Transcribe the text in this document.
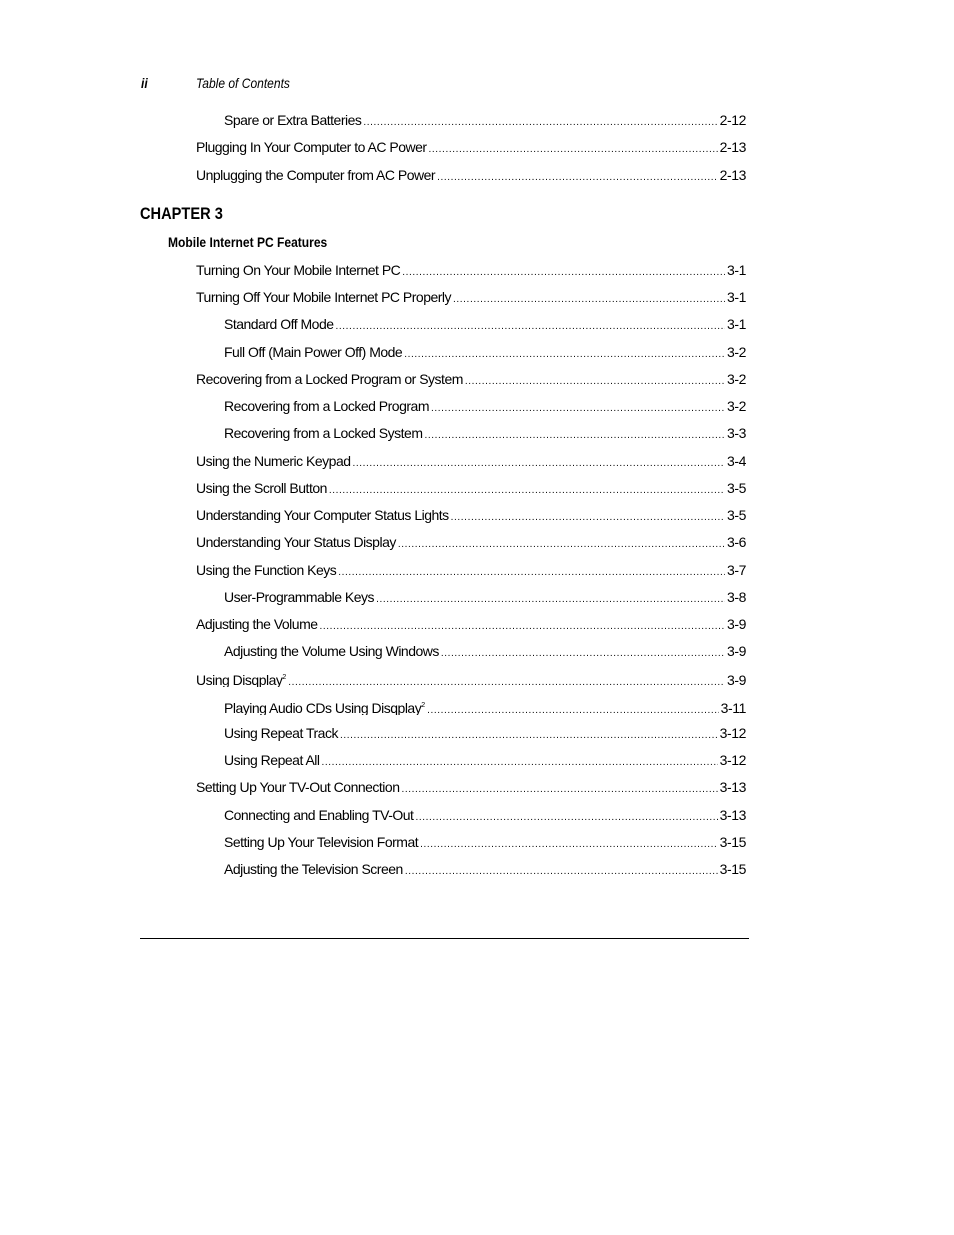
ii	Table of Contents
Spare or Extra Batteries .....	2-12
Plugging In Your Computer to AC Power .....	2-13
Unplugging the Computer from AC Power .....	2-13
CHAPTER 3
Mobile Internet PC Features
Turning On Your Mobile Internet PC .....	3-1
Turning Off Your Mobile Internet PC Properly .....	3-1
Standard Off Mode .....	3-1
Full Off (Main Power Off) Mode .....	3-2
Recovering from a Locked Program or System .....	3-2
Recovering from a Locked Program .....	3-2
Recovering from a Locked System .....	3-3
Using the Numeric Keypad .....	3-4
Using the Scroll Button .....	3-5
Understanding Your Computer Status Lights .....	3-5
Understanding Your Status Display .....	3-6
Using the Function Keys .....	3-7
User-Programmable Keys .....	3-8
Adjusting the Volume .....	3-9
Adjusting the Volume Using Windows .....	3-9
Using Disqplay$^2$ .....	3-9
Playing Audio CDs Using Disqplay$^2$ .....	3-11
Using Repeat Track .....	3-12
Using Repeat All .....	3-12
Setting Up Your TV-Out Connection .....	3-13
Connecting and Enabling TV-Out .....	3-13
Setting Up Your Television Format .....	3-15
Adjusting the Television Screen .....	3-15
